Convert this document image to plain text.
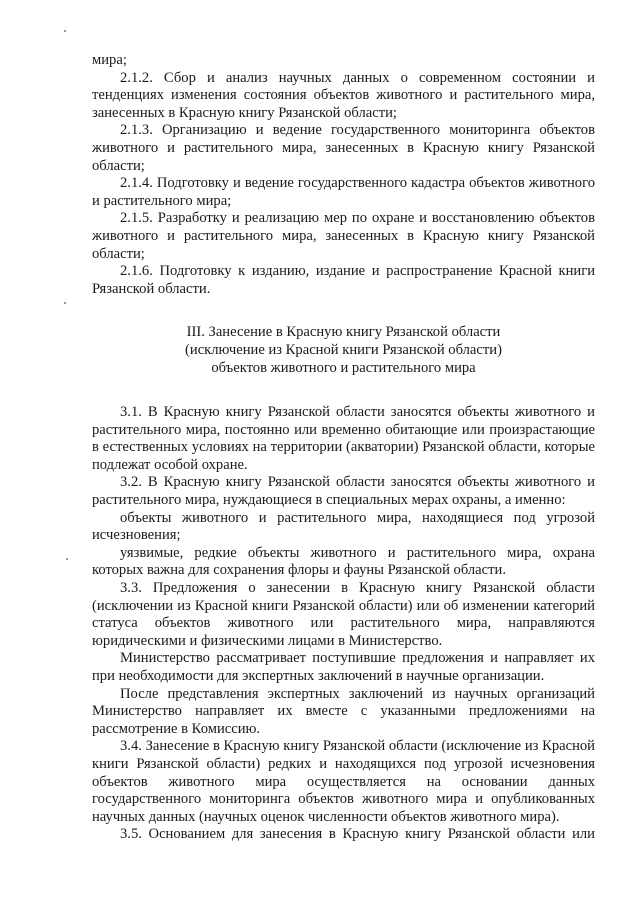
мира;

2.1.2. Сбор и анализ научных данных о современном состоянии и тенденциях изменения состояния объектов животного и растительного мира, занесенных в Красную книгу Рязанской области;

2.1.3. Организацию и ведение государственного мониторинга объектов животного и растительного мира, занесенных в Красную книгу Рязанской области;

2.1.4. Подготовку и ведение государственного кадастра объектов животного и растительного мира;

2.1.5. Разработку и реализацию мер по охране и восстановлению объектов животного и растительного мира, занесенных в Красную книгу Рязанской области;

2.1.6. Подготовку к изданию, издание и распространение Красной книги Рязанской области.

III. Занесение в Красную книгу Рязанской области
(исключение из Красной книги Рязанской области)
объектов животного и растительного мира

3.1. В Красную книгу Рязанской области заносятся объекты животного и растительного мира, постоянно или временно обитающие или произрастающие в естественных условиях на территории (акватории) Рязанской области, которые подлежат особой охране.

3.2. В Красную книгу Рязанской области заносятся объекты животного и растительного мира, нуждающиеся в специальных мерах охраны, а именно:

объекты животного и растительного мира, находящиеся под угрозой исчезновения;

уязвимые, редкие объекты животного и растительного мира, охрана которых важна для сохранения флоры и фауны Рязанской области.

3.3. Предложения о занесении в Красную книгу Рязанской области (исключении из Красной книги Рязанской области) или об изменении категорий статуса объектов животного или растительного мира, направляются юридическими и физическими лицами в Министерство.

Министерство рассматривает поступившие предложения и направляет их при необходимости для экспертных заключений в научные организации.

После представления экспертных заключений из научных организаций Министерство направляет их вместе с указанными предложениями на рассмотрение в Комиссию.

3.4. Занесение в Красную книгу Рязанской области (исключение из Красной книги Рязанской области) редких и находящихся под угрозой исчезновения объектов животного мира осуществляется на основании данных государственного мониторинга объектов животного мира и опубликованных научных данных (научных оценок численности объектов животного мира).

3.5. Основанием для занесения в Красную книгу Рязанской области или
